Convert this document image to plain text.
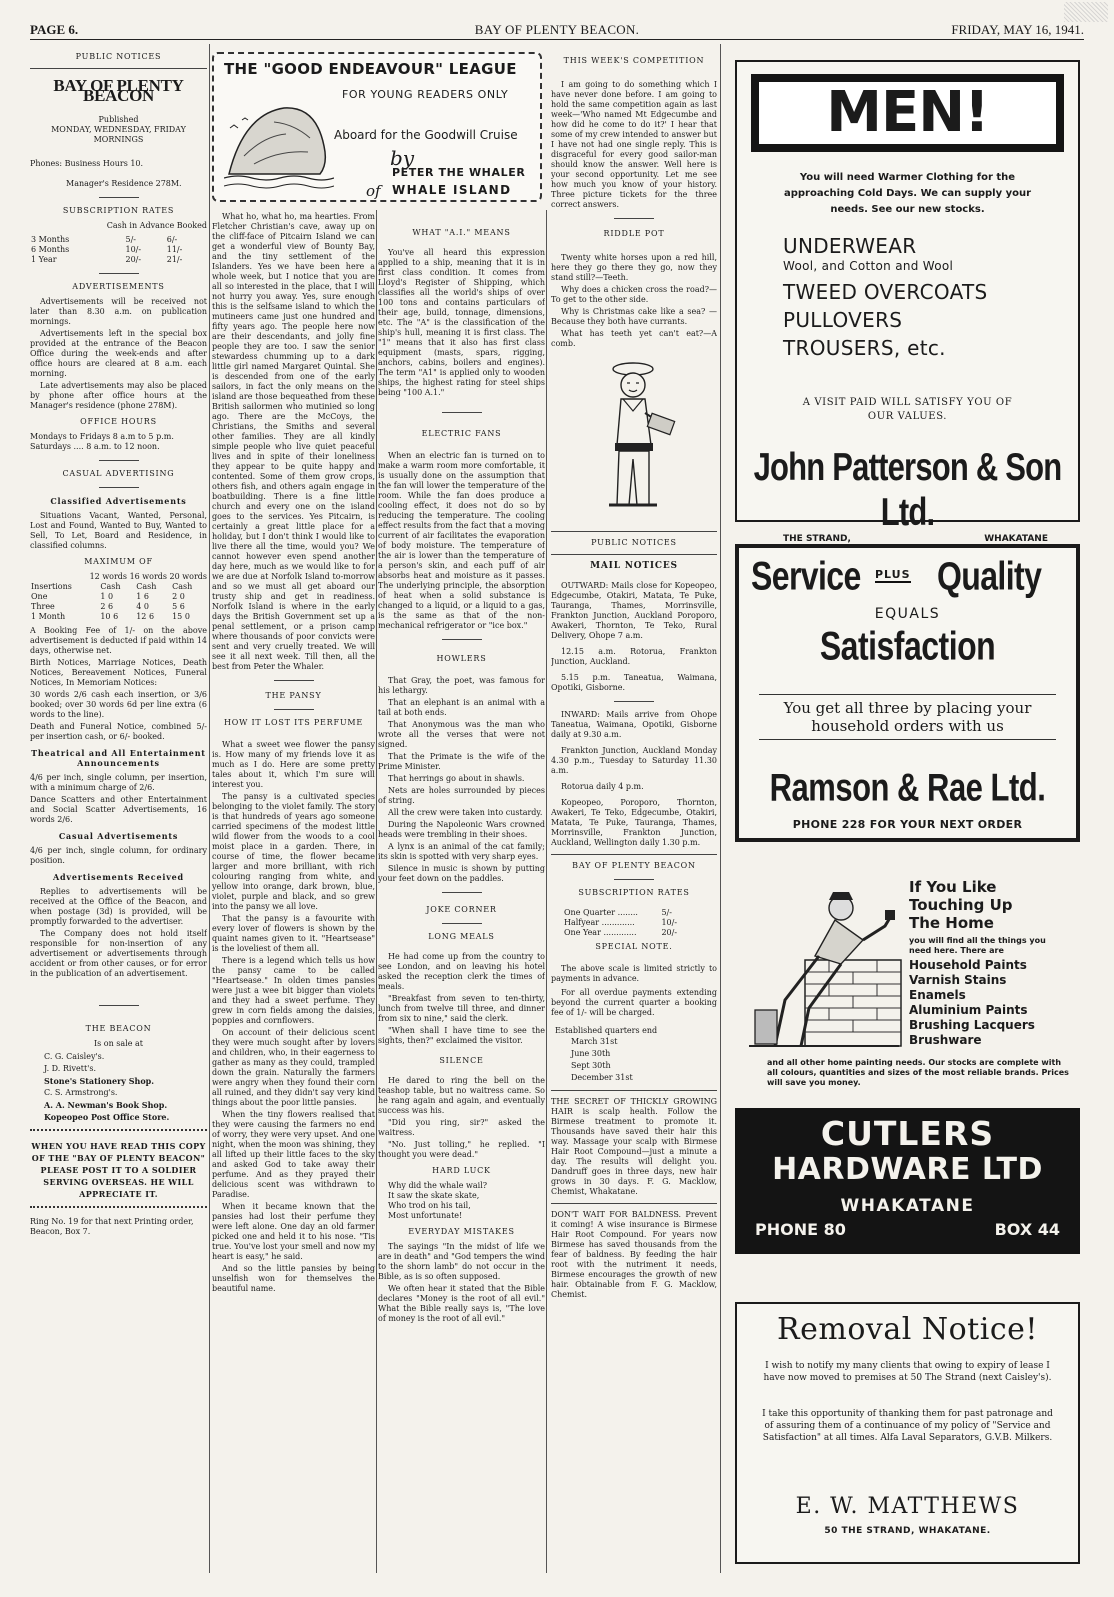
PAGE 6.	BAY OF PLENTY BEACON.	FRIDAY, MAY 16, 1941.
PUBLIC NOTICES
BAY OF PLENTY BEACON
Published
MONDAY, WEDNESDAY, FRIDAY MORNINGS
Phones: Business Hours 10.
Manager's Residence 278M.
SUBSCRIPTION RATES
Cash in Advance Booked
3 Months	5/-	6/-
6 Months	10/-	11/-
1 Year	20/-	21/-
ADVERTISEMENTS
Advertisements will be received not later than 8.30 a.m. on publication mornings.
Advertisements left in the special box provided at the entrance of the Beacon Office during the week-ends and after office hours are cleared at 8 a.m. each morning.
Late advertisements may also be placed by phone after office hours at the Manager's residence (phone 278M).
OFFICE HOURS
Mondays to Fridays 8 a.m to 5 p.m.
Saturdays .... 8 a.m. to 12 noon.
CASUAL ADVERTISING
Classified Advertisements
Situations Vacant, Wanted, Personal, Lost and Found, Wanted to Buy, Wanted to Sell, To Let, Board and Residence, in classified columns.
MAXIMUM OF
12 words 16 words 20 words
Insertions	Cash	Cash	Cash
One	1 0	1 6	2 0
Three	2 6	4 0	5 6
1 Month	10 6	12 6	15 0
A Booking Fee of 1/- on the above advertisement is deducted if paid within 14 days, otherwise net.
Birth Notices, Marriage Notices, Death Notices, Bereavement Notices, Funeral Notices, In Memoriam Notices:
30 words 2/6 cash each insertion, or 3/6 booked; over 30 words 6d per line extra (6 words to the line).
Death and Funeral Notice, combined 5/- per insertion cash, or 6/- booked.
Theatrical and All Entertainment Announcements
4/6 per inch, single column, per insertion, with a minimum charge of 2/6.
Dance Scatters and other Entertainment and Social Scatter Advertisements, 16 words 2/6.
Casual Advertisements
4/6 per inch, single column, for ordinary position.
Advertisements Received
Replies to advertisements will be received at the Office of the Beacon, and when postage (3d) is provided, will be promptly forwarded to the advertiser.
The Company does not hold itself responsible for non-insertion of any advertisement or advertisements through accident or from other causes, or for error in the publication of an advertisement.
THE BEACON
Is on sale at
C. G. Caisley's.
J. D. Rivett's.
Stone's Stationery Shop.
C. S. Armstrong's.
A. A. Newman's Book Shop.
Kopeopeo Post Office Store.
WHEN YOU HAVE READ THIS COPY OF THE "BAY OF PLENTY BEACON" PLEASE POST IT TO A SOLDIER SERVING OVERSEAS. HE WILL APPRECIATE IT.
Ring No. 19 for that next Printing order, Beacon, Box 7.
THE "GOOD ENDEAVOUR" LEAGUE
FOR YOUNG READERS ONLY
Aboard for the Goodwill Cruise
by
PETER THE WHALER
of WHALE ISLAND
What ho, what ho, ma hearties. From Fletcher Christian's cave, away up on the cliff-face of Pitcairn Island we can get a wonderful view of Bounty Bay, and the tiny settlement of the Islanders. Yes we have been here a whole week, but I notice that you are all so interested in the place, that I will not hurry you away. Yes, sure enough this is the selfsame island to which the mutineers came just one hundred and fifty years ago. The people here now are their descendants, and jolly fine people they are too. I saw the senior stewardess chumming up to a dark little girl named Margaret Quintal. She is descended from one of the early sailors, in fact the only means on the island are those bequeathed from these British sailormen who mutinied so long ago. There are the McCoys, the Christians, the Smiths and several other families. They are all kindly simple people who live quiet peaceful lives and in spite of their loneliness they appear to be quite happy and contented. Some of them grow crops, others fish, and others again engage in boatbuilding. There is a fine little church and every one on the island goes to the services. Yes Pitcairn, is certainly a great little place for a holiday, but I don't think I would like to live there all the time, would you? We cannot however even spend another day here, much as we would like to for we are due at Norfolk Island to-morrow and so we must all get aboard our trusty ship and get in readiness. Norfolk Island is where in the early days the British Government set up a penal settlement, or a prison camp where thousands of poor convicts were sent and very cruelly treated. We will see it all next week. Till then, all the best from Peter the Whaler.
THE PANSY
HOW IT LOST ITS PERFUME
What a sweet wee flower the pansy is. How many of my friends love it as much as I do. Here are some pretty tales about it, which I'm sure will interest you.
The pansy is a cultivated species belonging to the violet family. The story is that hundreds of years ago someone carried specimens of the modest little wild flower from the woods to a cool moist place in a garden. There, in course of time, the flower became larger and more brilliant, with rich colouring ranging from white, and yellow into orange, dark brown, blue, violet, purple and black, and so grew into the pansy we all love.
That the pansy is a favourite with every lover of flowers is shown by the quaint names given to it. "Heartsease" is the loveliest of them all.
There is a legend which tells us how the pansy came to be called "Heartsease." In olden times pansies were just a wee bit bigger than violets and they had a sweet perfume. They grew in corn fields among the daisies, poppies and cornflowers.
On account of their delicious scent they were much sought after by lovers and children, who, in their eagerness to gather as many as they could, trampled down the grain. Naturally the farmers were angry when they found their corn all ruined, and they didn't say very kind things about the poor little pansies.
When the tiny flowers realised that they were causing the farmers no end of worry, they were very upset. And one night, when the moon was shining, they all lifted up their little faces to the sky and asked God to take away their perfume. And as they prayed their delicious scent was withdrawn to Paradise.
When it became known that the pansies had lost their perfume they were left alone. One day an old farmer picked one and held it to his nose. "Tis true. You've lost your smell and now my heart is easy," he said.
And so the little pansies by being unselfish won for themselves the beautiful name.
WHAT "A.I." MEANS
You've all heard this expression applied to a ship, meaning that it is in first class condition. It comes from Lloyd's Register of Shipping, which classifies all the world's ships of over 100 tons and contains particulars of their age, build, tonnage, dimensions, etc. The "A" is the classification of the ship's hull, meaning it is first class. The "1" means that it also has first class equipment (masts, spars, rigging, anchors, cabins, boilers and engines). The term "A1" is applied only to wooden ships, the highest rating for steel ships being "100 A.1."
ELECTRIC FANS
When an electric fan is turned on to make a warm room more comfortable, it is usually done on the assumption that the fan will lower the temperature of the room. While the fan does produce a cooling effect, it does not do so by reducing the temperature. The cooling effect results from the fact that a moving current of air facilitates the evaporation of body moisture. The temperature of the air is lower than the temperature of a person's skin, and each puff of air absorbs heat and moisture as it passes. The underlying principle, the absorption of heat when a solid substance is changed to a liquid, or a liquid to a gas, is the same as that of the non-mechanical refrigerator or "ice box."
HOWLERS
That Gray, the poet, was famous for his lethargy.
That an elephant is an animal with a tail at both ends.
That Anonymous was the man who wrote all the verses that were not signed.
That the Primate is the wife of the Prime Minister.
That herrings go about in shawls.
Nets are holes surrounded by pieces of string.
All the crew were taken into custardy.
During the Napoleonic Wars crowned heads were trembling in their shoes.
A lynx is an animal of the cat family; its skin is spotted with very sharp eyes.
Silence in music is shown by putting your feet down on the paddles.
JOKE CORNER
LONG MEALS
He had come up from the country to see London, and on leaving his hotel asked the reception clerk the times of meals.
"Breakfast from seven to ten-thirty, lunch from twelve till three, and dinner from six to nine," said the clerk.
"When shall I have time to see the sights, then?" exclaimed the visitor.
SILENCE
He dared to ring the bell on the teashop table, but no waitress came. So he rang again and again, and eventually success was his.
"Did you ring, sir?" asked the waitress.
"No. Just tolling," he replied. "I thought you were dead."
HARD LUCK
Why did the whale wail?
It saw the skate skate,
Who trod on his tail,
Most unfortunate!
EVERYDAY MISTAKES
The sayings "In the midst of life we are in death" and "God tempers the wind to the shorn lamb" do not occur in the Bible, as is so often supposed.
We often hear it stated that the Bible declares "Money is the root of all evil." What the Bible really says is, "The love of money is the root of all evil."
THIS WEEK'S COMPETITION
I am going to do something which I have never done before. I am going to hold the same competition again as last week—'Who named Mt Edgecumbe and how did he come to do it?' I hear that some of my crew intended to answer but I have not had one single reply. This is disgraceful for every good sailor-man should know the answer. Well here is your second opportunity. Let me see how much you know of your history. Three picture tickets for the three correct answers.
RIDDLE POT
Twenty white horses upon a red hill, here they go there they go, now they stand still?—Teeth.
Why does a chicken cross the road?—To get to the other side.
Why is Christmas cake like a sea? —Because they both have currants.
What has teeth yet can't eat?—A comb.
PUBLIC NOTICES
MAIL NOTICES
OUTWARD: Mails close for Kopeopeo, Edgecumbe, Otakiri, Matata, Te Puke, Tauranga, Thames, Morrinsville, Frankton Junction, Auckland Poroporo, Awakeri, Thornton, Te Teko, Rural Delivery, Ohope 7 a.m.
12.15 a.m. Rotorua, Frankton Junction, Auckland.
5.15 p.m. Taneatua, Waimana, Opotiki, Gisborne.
INWARD: Mails arrive from Ohope Taneatua, Waimana, Opotiki, Gisborne daily at 9.30 a.m.
Frankton Junction, Auckland Monday 4.30 p.m., Tuesday to Saturday 11.30 a.m.
Rotorua daily 4 p.m.
Kopeopeo, Poroporo, Thornton, Awakeri, Te Teko, Edgecumbe, Otakiri, Matata, Te Puke, Tauranga, Thames, Morrinsville, Frankton Junction, Auckland, Wellington daily 1.30 p.m.
BAY OF PLENTY BEACON
SUBSCRIPTION RATES
One Quarter ........	5/-
Halfyear .............	10/-
One Year .............	20/-
SPECIAL NOTE.
The above scale is limited strictly to payments in advance.
For all overdue payments extending beyond the current quarter a booking fee of 1/- will be charged.
Established quarters end
March 31st
June 30th
Sept 30th
December 31st
THE SECRET OF THICKLY GROWING HAIR is scalp health. Follow the Birmese treatment to promote it. Thousands have saved their hair this way. Massage your scalp with Birmese Hair Root Compound—just a minute a day. The results will delight you. Dandruff goes in three days, new hair grows in 30 days. F. G. Macklow, Chemist, Whakatane.
DON'T WAIT FOR BALDNESS. Prevent it coming! A wise insurance is Birmese Hair Root Compound. For years now Birmese has saved thousands from the fear of baldness. By feeding the hair root with the nutriment it needs, Birmese encourages the growth of new hair. Obtainable from F. G. Macklow, Chemist.
MEN!
You will need Warmer Clothing for the
approaching Cold Days. We can supply your
needs. See our new stocks.
UNDERWEAR
Wool, and Cotton and Wool
TWEED OVERCOATS
PULLOVERS
TROUSERS, etc.
A VISIT PAID WILL SATISFY YOU OF
OUR VALUES.
John Patterson & Son Ltd.
THE STRAND,	WHAKATANE
Service PLUS Quality
EQUALS
Satisfaction
You get all three by placing your household orders with us
Ramson & Rae Ltd.
PHONE 228 FOR YOUR NEXT ORDER
If You Like
Touching Up
The Home
you will find all the things you need here. There are
Household Paints
Varnish Stains
Enamels
Aluminium Paints
Brushing Lacquers
Brushware
and all other home painting needs. Our stocks are complete with all colours, quantities and sizes of the most reliable brands. Prices will save you money.
CUTLERS
HARDWARE LTD
WHAKATANE
PHONE 80	BOX 44
Removal Notice!
I wish to notify my many clients that owing to expiry of lease I have now moved to premises at 50 The Strand (next Caisley's).
I take this opportunity of thanking them for past patronage and of assuring them of a continuance of my policy of "Service and Satisfaction" at all times. Alfa Laval Separators, G.V.B. Milkers.
E. W. MATTHEWS
50 THE STRAND, WHAKATANE.
